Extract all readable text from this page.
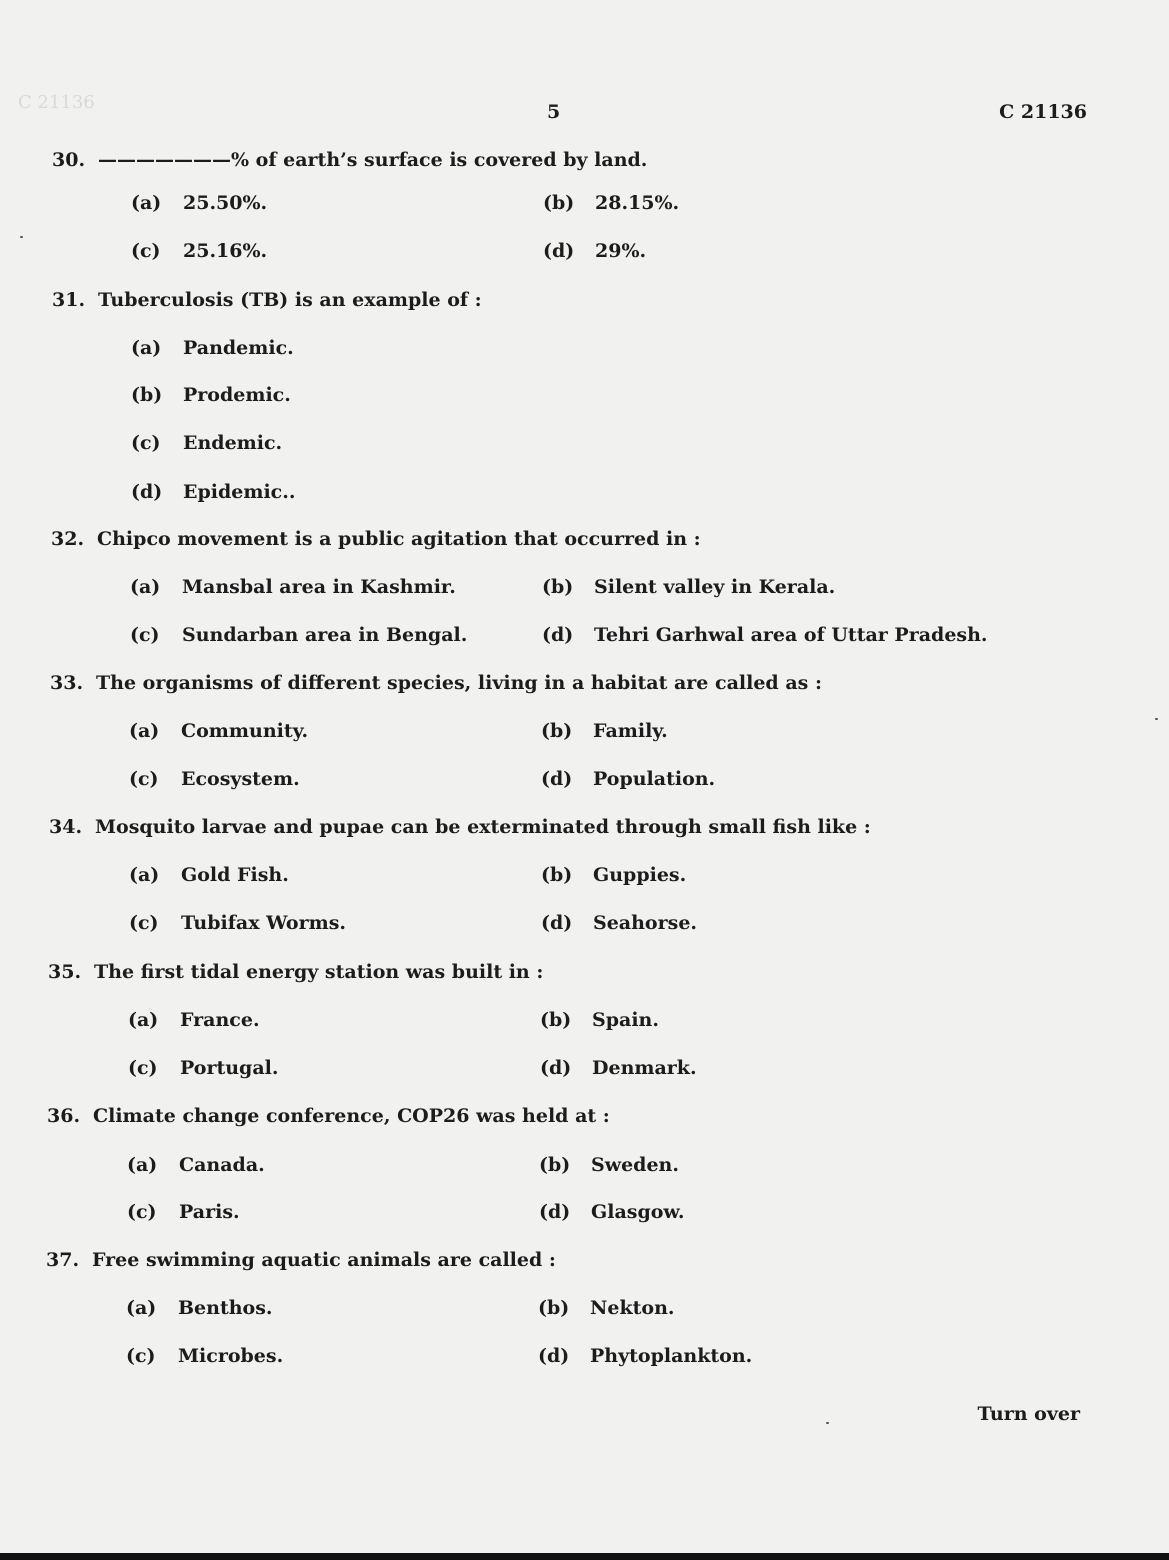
C 21136	5	C 21136
30. ———————% of earth’s surface is covered by land.
(a) 25.50%.	(b) 28.15%.
(c) 25.16%.	(d) 29%.
31. Tuberculosis (TB) is an example of :
(a) Pandemic.
(b) Prodemic.
(c) Endemic.
(d) Epidemic..
32. Chipco movement is a public agitation that occurred in :
(a) Mansbal area in Kashmir.	(b) Silent valley in Kerala.
(c) Sundarban area in Bengal.	(d) Tehri Garhwal area of Uttar Pradesh.
33. The organisms of different species, living in a habitat are called as :
(a) Community.	(b) Family.
(c) Ecosystem.	(d) Population.
34. Mosquito larvae and pupae can be exterminated through small fish like :
(a) Gold Fish.	(b) Guppies.
(c) Tubifax Worms.	(d) Seahorse.
35. The first tidal energy station was built in :
(a) France.	(b) Spain.
(c) Portugal.	(d) Denmark.
36. Climate change conference, COP26 was held at :
(a) Canada.	(b) Sweden.
(c) Paris.	(d) Glasgow.
37. Free swimming aquatic animals are called :
(a) Benthos.	(b) Nekton.
(c) Microbes.	(d) Phytoplankton.
Turn over
